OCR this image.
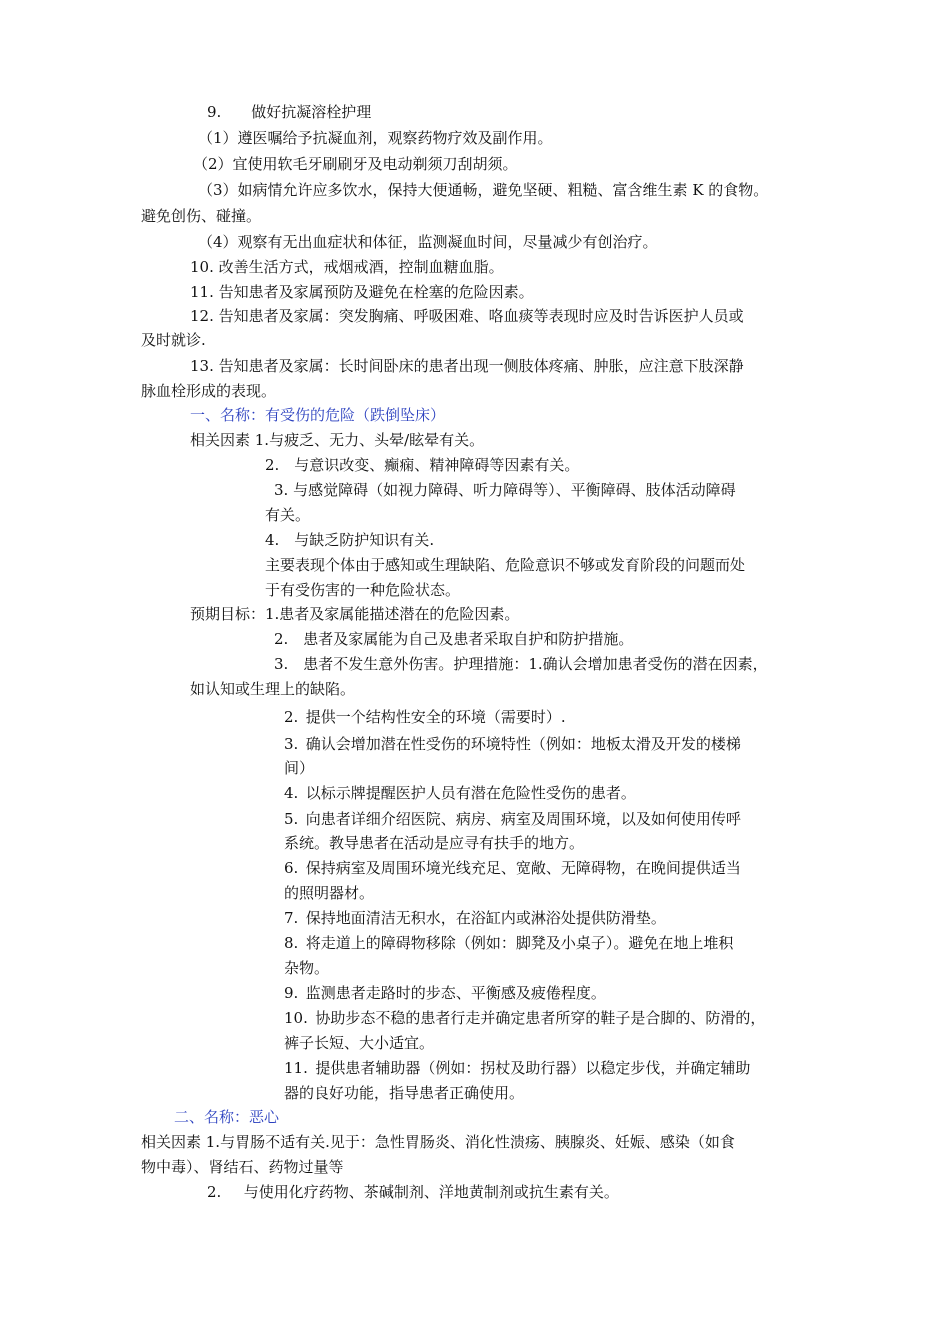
9.　　做好抗凝溶栓护理
（1）遵医嘱给予抗凝血剂，观察药物疗效及副作用。
（2）宜使用软毛牙刷刷牙及电动剃须刀刮胡须。
（3）如病情允许应多饮水，保持大便通畅，避免坚硬、粗糙、富含维生素 K 的食物。
避免创伤、碰撞。
（4）观察有无出血症状和体征，监测凝血时间，尽量减少有创治疗。
10. 改善生活方式，戒烟戒酒，控制血糖血脂。
11. 告知患者及家属预防及避免在栓塞的危险因素。
12. 告知患者及家属：突发胸痛、呼吸困难、咯血痰等表现时应及时告诉医护人员或
及时就诊.
13. 告知患者及家属：长时间卧床的患者出现一侧肢体疼痛、肿胀，应注意下肢深静
脉血栓形成的表现。
一、名称：有受伤的危险（跌倒坠床）
相关因素 1.与疲乏、无力、头晕/眩晕有关。
2.　与意识改变、癫痫、精神障碍等因素有关。
3. 与感觉障碍（如视力障碍、听力障碍等）、平衡障碍、肢体活动障碍
有关。
4.　与缺乏防护知识有关.
主要表现个体由于感知或生理缺陷、危险意识不够或发育阶段的问题而处
于有受伤害的一种危险状态。
预期目标：1.患者及家属能描述潜在的危险因素。
2.　患者及家属能为自己及患者采取自护和防护措施。
3.　患者不发生意外伤害。护理措施：1.确认会增加患者受伤的潜在因素，
如认知或生理上的缺陷。
2. 提供一个结构性安全的环境（需要时）.
3. 确认会增加潜在性受伤的环境特性（例如：地板太滑及开发的楼梯
间）
4. 以标示牌提醒医护人员有潜在危险性受伤的患者。
5. 向患者详细介绍医院、病房、病室及周围环境，以及如何使用传呼
系统。教导患者在活动是应寻有扶手的地方。
6. 保持病室及周围环境光线充足、宽敞、无障碍物，在晚间提供适当
的照明器材。
7. 保持地面清洁无积水，在浴缸内或淋浴处提供防滑垫。
8. 将走道上的障碍物移除（例如：脚凳及小桌子）。避免在地上堆积
杂物。
9. 监测患者走路时的步态、平衡感及疲倦程度。
10. 协助步态不稳的患者行走并确定患者所穿的鞋子是合脚的、防滑的，
裤子长短、大小适宜。
11. 提供患者辅助器（例如：拐杖及助行器）以稳定步伐，并确定辅助
器的良好功能，指导患者正确使用。
二、名称：恶心
相关因素 1.与胃肠不适有关.见于：急性胃肠炎、消化性溃疡、胰腺炎、妊娠、感染（如食
物中毒）、肾结石、药物过量等
2.　 与使用化疗药物、茶碱制剂、洋地黄制剂或抗生素有关。
